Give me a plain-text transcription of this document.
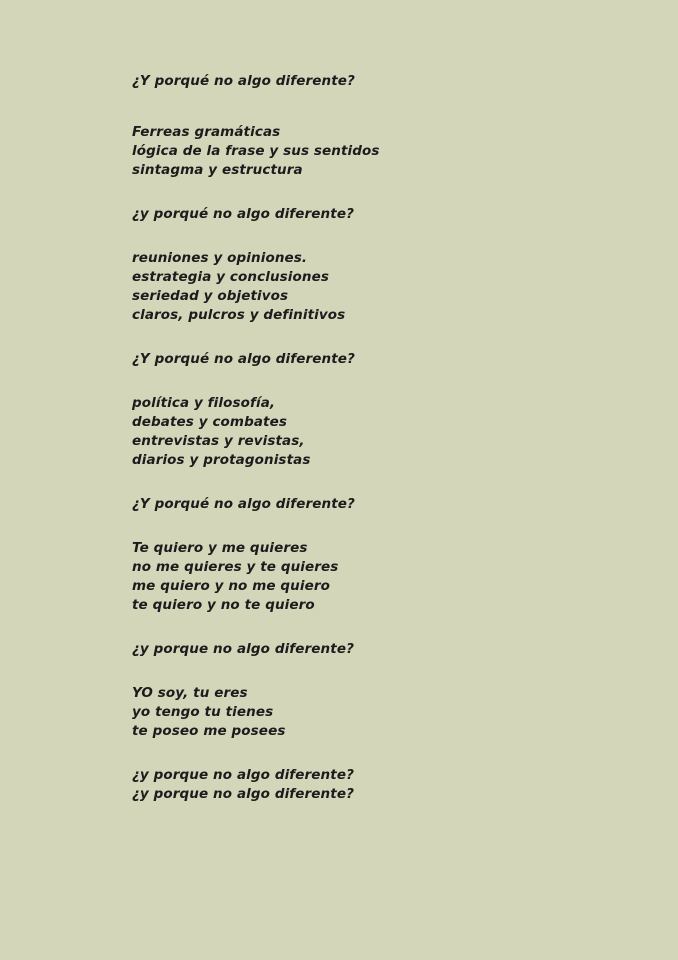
¿Y porqué no algo diferente?
Ferreas gramáticas
lógica de la frase y sus sentidos
sintagma y estructura
¿y porqué no algo diferente?
reuniones y opiniones.
estrategia y conclusiones
seriedad y objetivos
claros, pulcros y definitivos
¿Y porqué no algo diferente?
política y filosofía,
debates y combates
entrevistas y revistas,
diarios y protagonistas
¿Y porqué no algo diferente?
Te quiero y me quieres
no me quieres y te quieres
me quiero y no me quiero
te quiero y no te quiero
¿y porque no algo diferente?
YO soy, tu eres
yo tengo tu tienes
te poseo me posees
¿y porque no algo diferente?
¿y porque no algo diferente?
